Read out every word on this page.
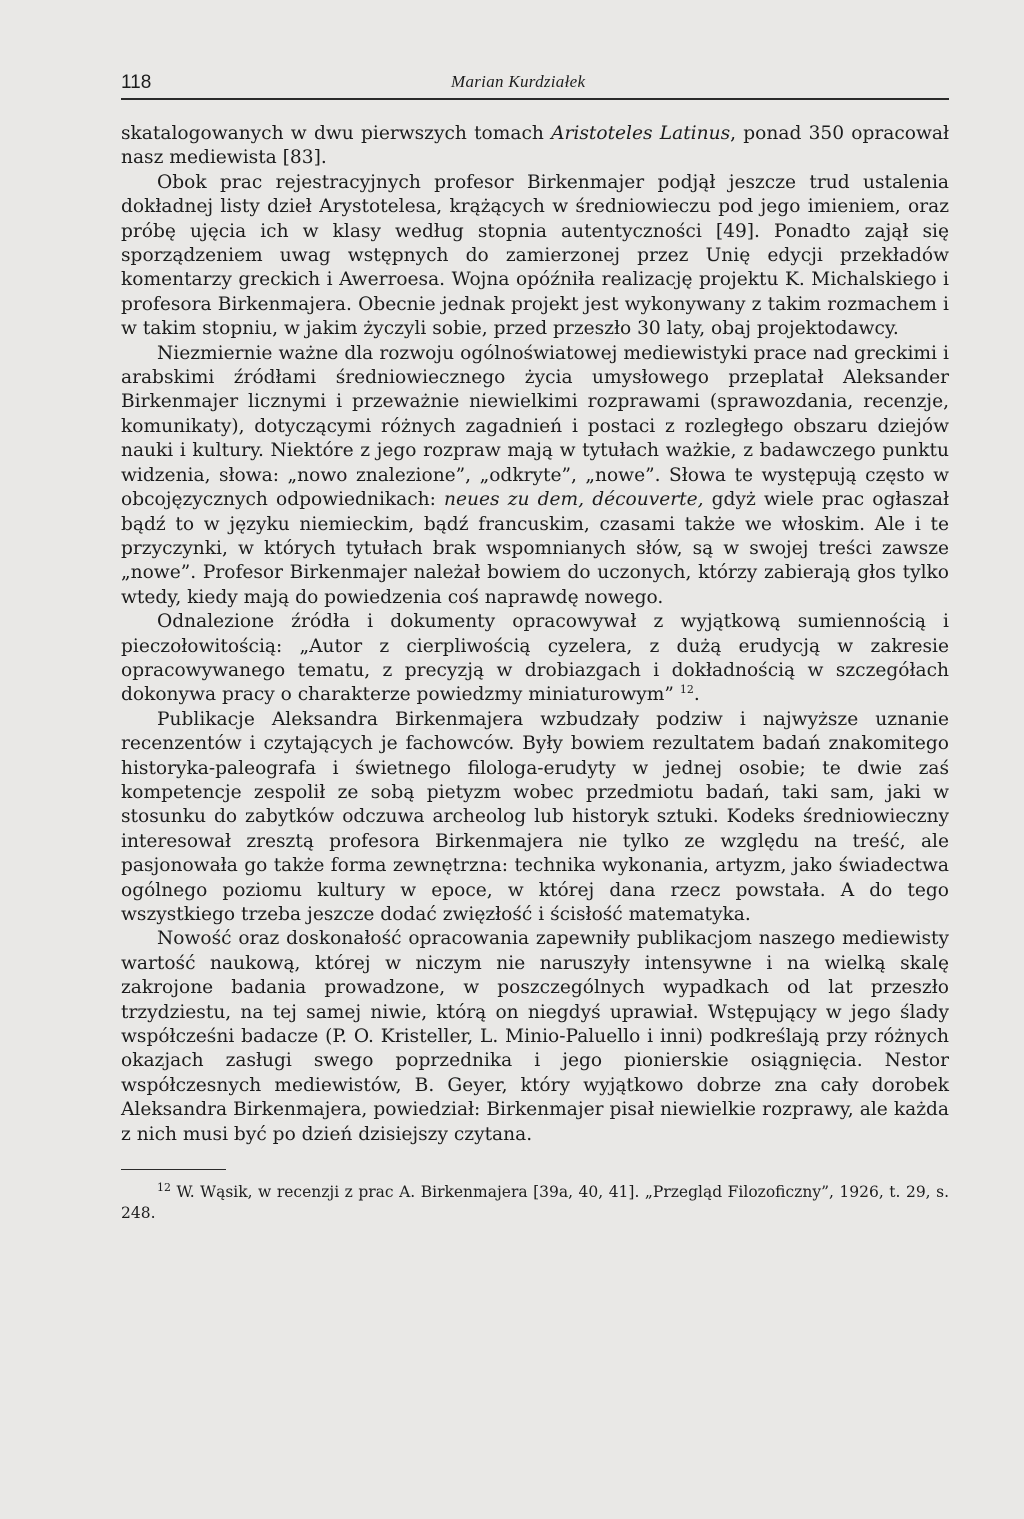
118	Marian Kurdziałek

skatalogowanych w dwu pierwszych tomach Aristoteles Latinus, ponad 350 opracował nasz mediewista [83].

Obok prac rejestracyjnych profesor Birkenmajer podjął jeszcze trud ustalenia dokładnej listy dzieł Arystotelesa, krążących w średniowieczu pod jego imieniem, oraz próbę ujęcia ich w klasy według stopnia autentyczności [49]. Ponadto zajął się sporządzeniem uwag wstępnych do zamierzonej przez Unię edycji przekładów komentarzy greckich i Awerroesa. Wojna opóźniła realizację projektu K. Michalskiego i profesora Birkenmajera. Obecnie jednak projekt jest wykonywany z takim rozmachem i w takim stopniu, w jakim życzyli sobie, przed przeszło 30 laty, obaj projektodawcy.

Niezmiernie ważne dla rozwoju ogólnoświatowej mediewistyki prace nad greckimi i arabskimi źródłami średniowiecznego życia umysłowego przeplatał Aleksander Birkenmajer licznymi i przeważnie niewielkimi rozprawami (sprawozdania, recenzje, komunikaty), dotyczącymi różnych zagadnień i postaci z rozległego obszaru dziejów nauki i kultury. Niektóre z jego rozpraw mają w tytułach ważkie, z badawczego punktu widzenia, słowa: „nowo znalezione”, „odkryte”, „nowe”. Słowa te występują często w obcojęzycznych odpowiednikach: neues zu dem, découverte, gdyż wiele prac ogłaszał bądź to w języku niemieckim, bądź francuskim, czasami także we włoskim. Ale i te przyczynki, w których tytułach brak wspomnianych słów, są w swojej treści zawsze „nowe”. Profesor Birkenmajer należał bowiem do uczonych, którzy zabierają głos tylko wtedy, kiedy mają do powiedzenia coś naprawdę nowego.

Odnalezione źródła i dokumenty opracowywał z wyjątkową sumiennością i pieczołowitością: „Autor z cierpliwością cyzelera, z dużą erudycją w zakresie opracowywanego tematu, z precyzją w drobiazgach i dokładnością w szczegółach dokonywa pracy o charakterze powiedzmy miniaturowym” $^{12}$.

Publikacje Aleksandra Birkenmajera wzbudzały podziw i najwyższe uznanie recenzentów i czytających je fachowców. Były bowiem rezultatem badań znakomitego historyka-paleografa i świetnego filologa-erudyty w jednej osobie; te dwie zaś kompetencje zespolił ze sobą pietyzm wobec przedmiotu badań, taki sam, jaki w stosunku do zabytków odczuwa archeolog lub historyk sztuki. Kodeks średniowieczny interesował zresztą profesora Birkenmajera nie tylko ze względu na treść, ale pasjonowała go także forma zewnętrzna: technika wykonania, artyzm, jako świadectwa ogólnego poziomu kultury w epoce, w której dana rzecz powstała. A do tego wszystkiego trzeba jeszcze dodać zwięzłość i ścisłość matematyka.

Nowość oraz doskonałość opracowania zapewniły publikacjom naszego mediewisty wartość naukową, której w niczym nie naruszyły intensywne i na wielką skalę zakrojone badania prowadzone, w poszczególnych wypadkach od lat przeszło trzydziestu, na tej samej niwie, którą on niegdyś uprawiał. Wstępujący w jego ślady współcześni badacze (P. O. Kristeller, L. Minio-Paluello i inni) podkreślają przy różnych okazjach zasługi swego poprzednika i jego pionierskie osiągnięcia. Nestor współczesnych mediewistów, B. Geyer, który wyjątkowo dobrze zna cały dorobek Aleksandra Birkenmajera, powiedział: Birkenmajer pisał niewielkie rozprawy, ale każda z nich musi być po dzień dzisiejszy czytana.

$^{12}$ W. Wąsik, w recenzji z prac A. Birkenmajera [39a, 40, 41]. „Przegląd Filozoficzny”, 1926, t. 29, s. 248.
